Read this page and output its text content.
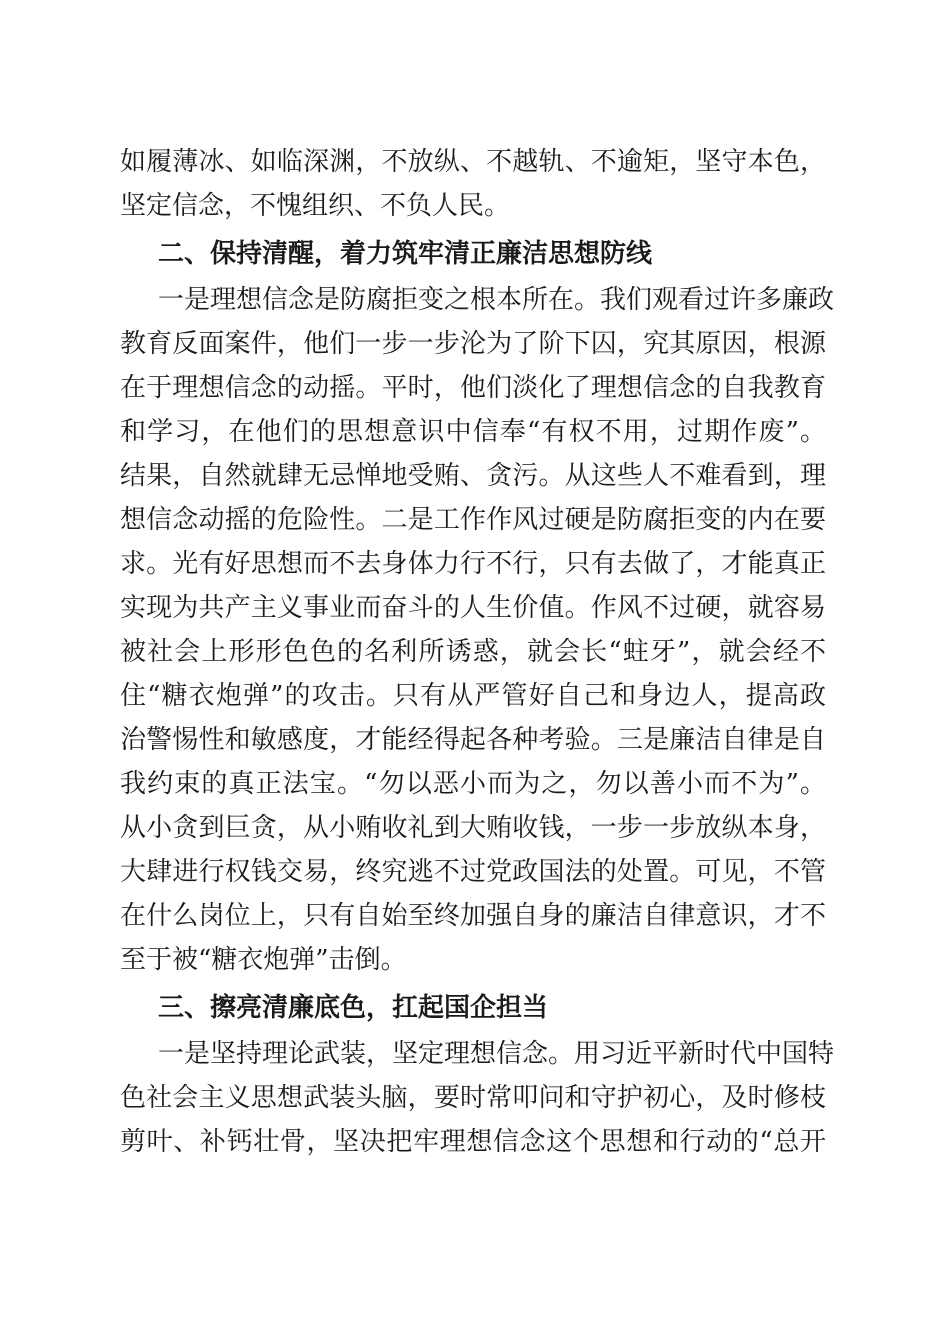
如履薄冰、如临深渊，不放纵、不越轨、不逾矩，坚守本色，
坚定信念，不愧组织、不负人民。
二、保持清醒，着力筑牢清正廉洁思想防线
一是理想信念是防腐拒变之根本所在。我们观看过许多廉政
教育反面案件，他们一步一步沦为了阶下囚，究其原因，根源
在于理想信念的动摇。平时，他们淡化了理想信念的自我教育
和学习，在他们的思想意识中信奉“有权不用，过期作废”。
结果，自然就肆无忌惮地受贿、贪污。从这些人不难看到，理
想信念动摇的危险性。二是工作作风过硬是防腐拒变的内在要
求。光有好思想而不去身体力行不行，只有去做了，才能真正
实现为共产主义事业而奋斗的人生价值。作风不过硬，就容易
被社会上形形色色的名利所诱惑，就会长“蛀牙”，就会经不
住“糖衣炮弹”的攻击。只有从严管好自己和身边人，提高政
治警惕性和敏感度，才能经得起各种考验。三是廉洁自律是自
我约束的真正法宝。“勿以恶小而为之，勿以善小而不为”。
从小贪到巨贪，从小贿收礼到大贿收钱，一步一步放纵本身，
大肆进行权钱交易，终究逃不过党政国法的处置。可见，不管
在什么岗位上，只有自始至终加强自身的廉洁自律意识，才不
至于被“糖衣炮弹”击倒。
三、擦亮清廉底色，扛起国企担当
一是坚持理论武装，坚定理想信念。用习近平新时代中国特
色社会主义思想武装头脑，要时常叩问和守护初心，及时修枝
剪叶、补钙壮骨，坚决把牢理想信念这个思想和行动的“总开
